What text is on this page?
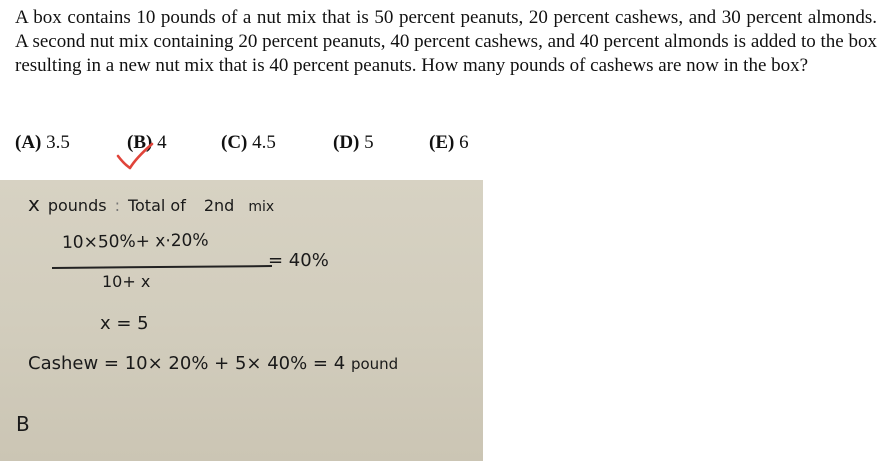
A box contains 10 pounds of a nut mix that is 50 percent peanuts, 20 percent cashews, and 30 percent almonds. A second nut mix containing 20 percent peanuts, 40 percent cashews, and 40 percent almonds is added to the box resulting in a new nut mix that is 40 percent peanuts. How many pounds of cashews are now in the box?
(A) 3.5	(B) 4	(C) 4.5	(D) 5	(E) 6
x pounds : Total of 2nd mix
10×50%+ x·20%
= 40%
10+ x
x = 5
Cashew = 10× 20% + 5× 40% = 4 pound
B
